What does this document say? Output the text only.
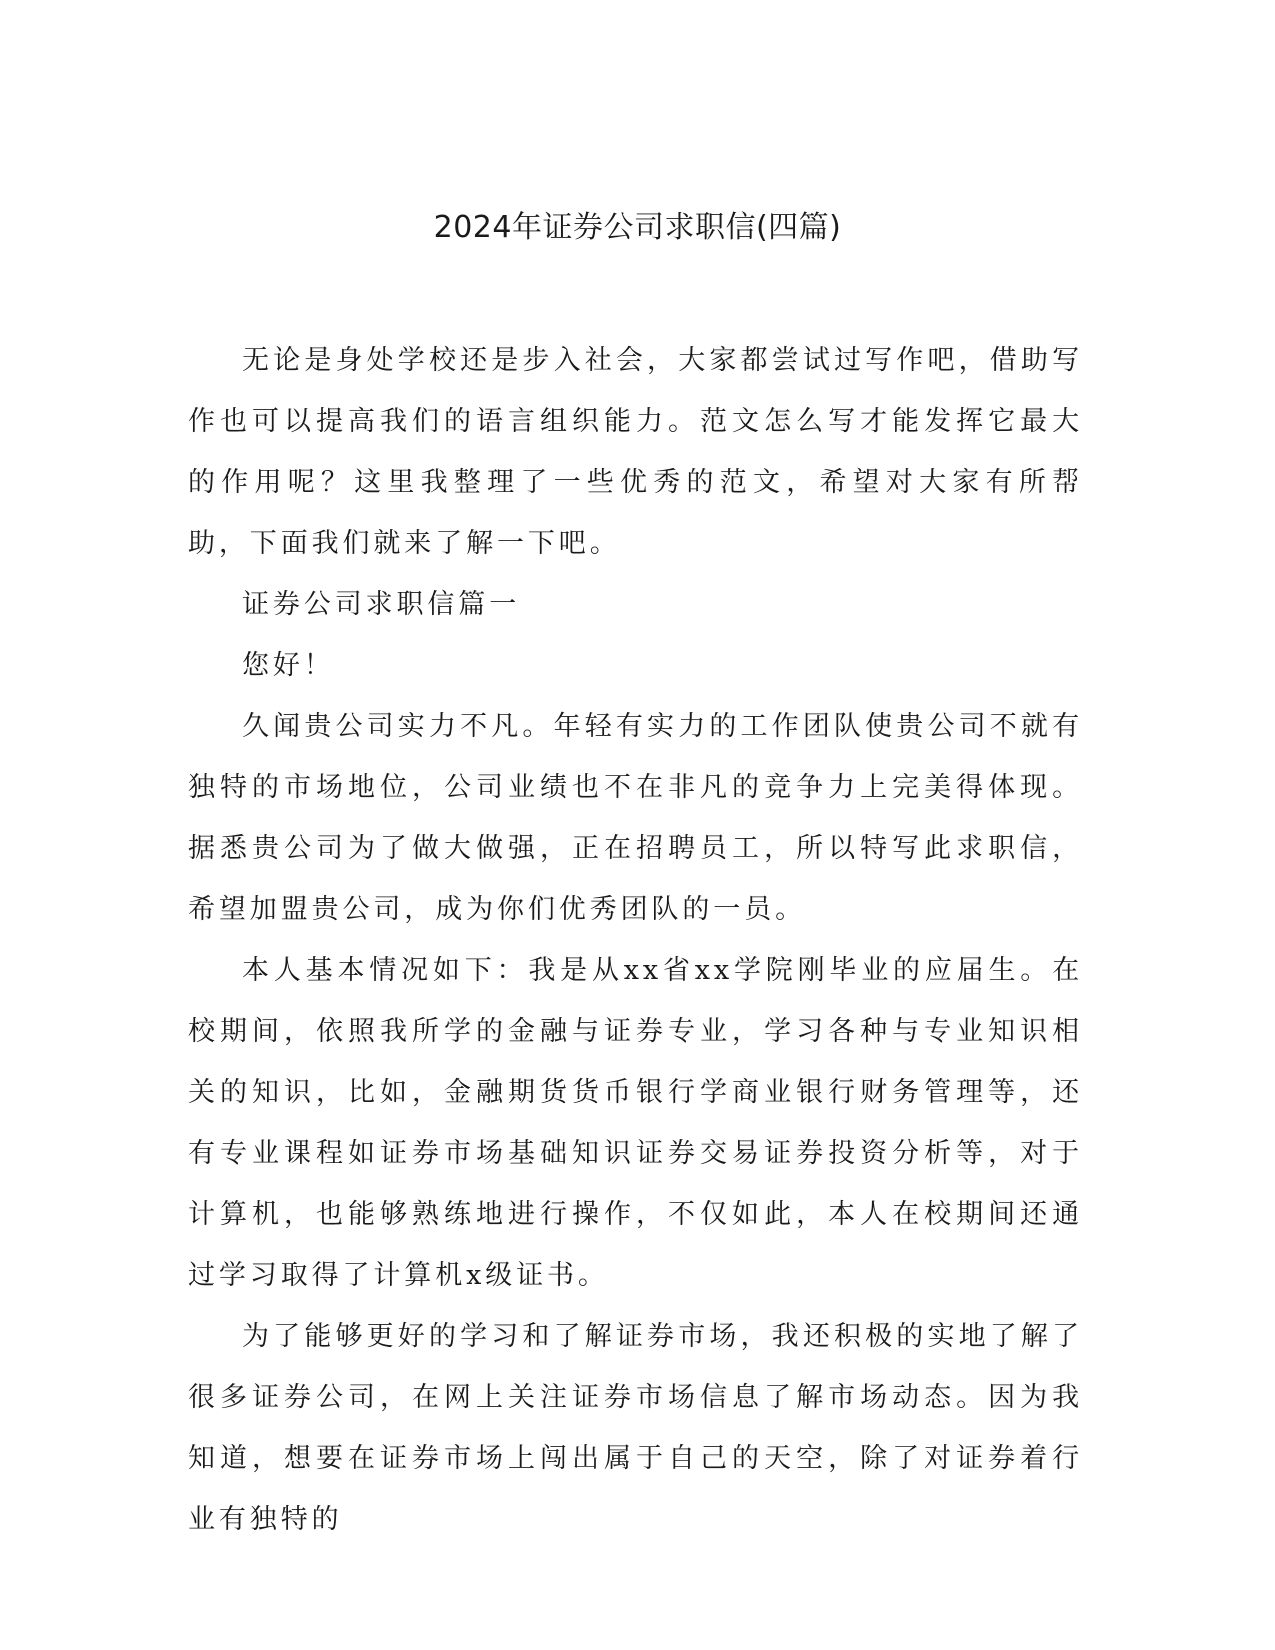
2024年证券公司求职信(四篇)

无论是身处学校还是步入社会，大家都尝试过写作吧，借助写作也可以提高我们的语言组织能力。范文怎么写才能发挥它最大的作用呢？这里我整理了一些优秀的范文，希望对大家有所帮助，下面我们就来了解一下吧。

证券公司求职信篇一

您好！

久闻贵公司实力不凡。年轻有实力的工作团队使贵公司不就有独特的市场地位，公司业绩也不在非凡的竞争力上完美得体现。据悉贵公司为了做大做强，正在招聘员工，所以特写此求职信，希望加盟贵公司，成为你们优秀团队的一员。

本人基本情况如下：我是从xx省xx学院刚毕业的应届生。在校期间，依照我所学的金融与证券专业，学习各种与专业知识相关的知识，比如，金融期货货币银行学商业银行财务管理等，还有专业课程如证券市场基础知识证券交易证券投资分析等，对于计算机，也能够熟练地进行操作，不仅如此，本人在校期间还通过学习取得了计算机x级证书。

为了能够更好的学习和了解证券市场，我还积极的实地了解了很多证券公司，在网上关注证券市场信息了解市场动态。因为我知道，想要在证券市场上闯出属于自己的天空，除了对证券着行业有独特的
